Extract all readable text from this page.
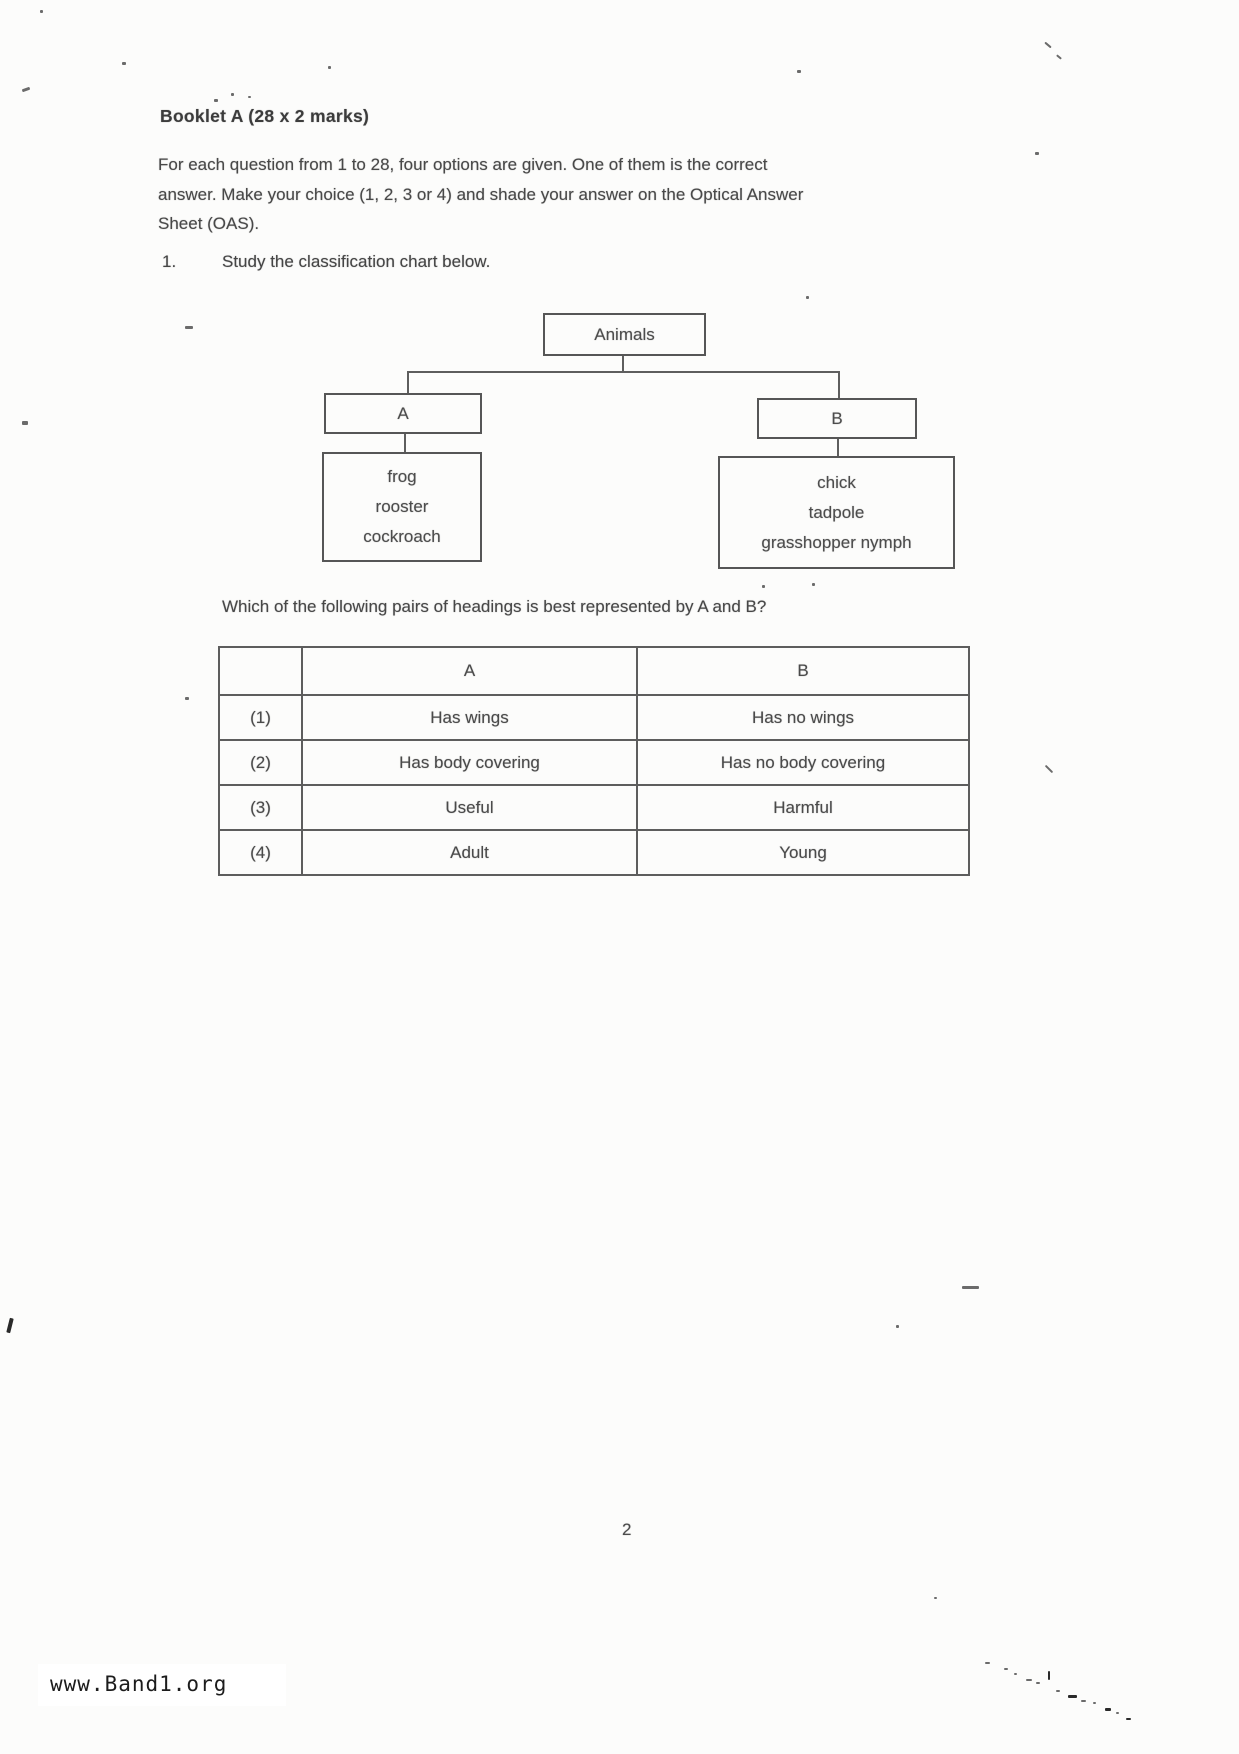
Booklet A (28 x 2 marks)
For each question from 1 to 28, four options are given. One of them is the correct
answer. Make your choice (1, 2, 3 or 4) and shade your answer on the Optical Answer
Sheet (OAS).
1.	Study the classification chart below.
Animals
A	B
frog
rooster
cockroach
chick
tadpole
grasshopper nymph
Which of the following pairs of headings is best represented by A and B?
	A	B
(1)	Has wings	Has no wings
(2)	Has body covering	Has no body covering
(3)	Useful	Harmful
(4)	Adult	Young
2
www.Band1.org
